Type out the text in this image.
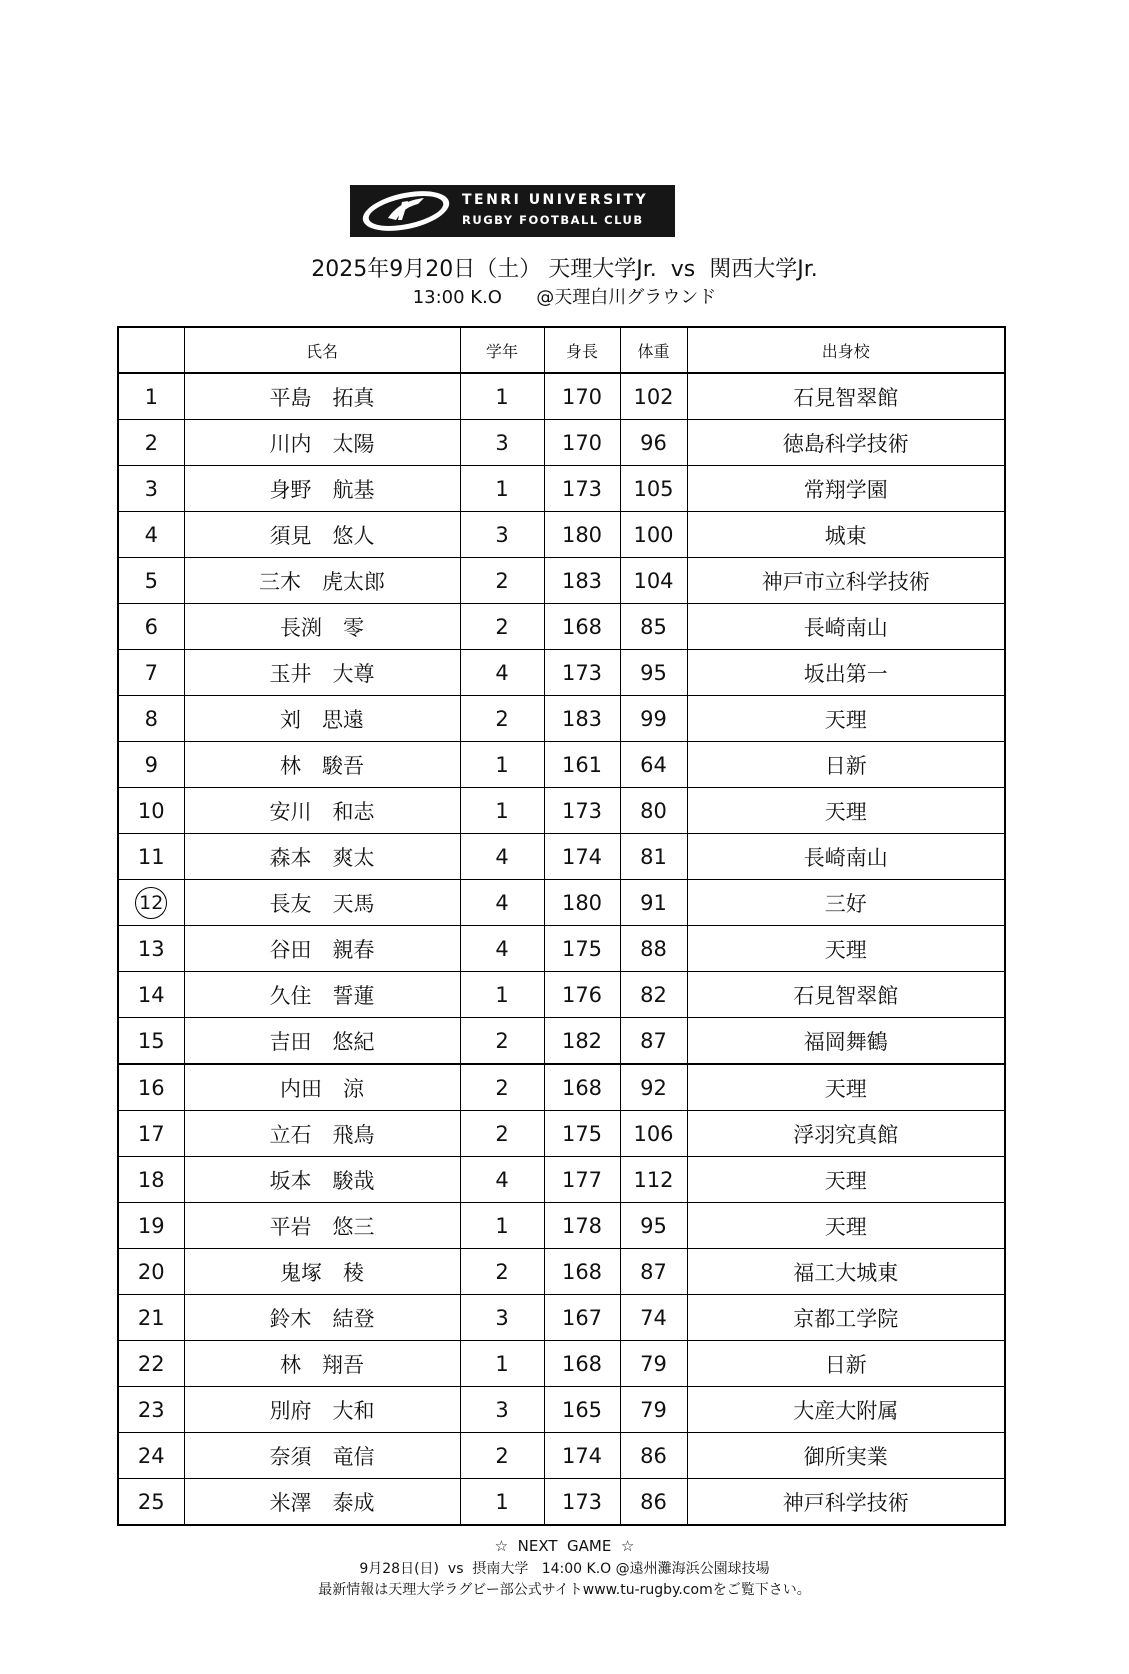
TENRI UNIVERSITY
RUGBY FOOTBALL CLUB
2025年9月20日（土） 天理大学Jr.  vs  関西大学Jr.
13:00 K.O      @天理白川グラウンド
	氏名	学年	身長	体重	出身校
1	平島　拓真	1	170	102	石見智翠館
2	川内　太陽	3	170	96	徳島科学技術
3	身野　航基	1	173	105	常翔学園
4	須見　悠人	3	180	100	城東
5	三木　虎太郎	2	183	104	神戸市立科学技術
6	長渕　零	2	168	85	長崎南山
7	玉井　大尊	4	173	95	坂出第一
8	刘　思遠	2	183	99	天理
9	林　駿吾	1	161	64	日新
10	安川　和志	1	173	80	天理
11	森本　爽太	4	174	81	長崎南山
12	長友　天馬	4	180	91	三好
13	谷田　親春	4	175	88	天理
14	久住　誓蓮	1	176	82	石見智翠館
15	吉田　悠紀	2	182	87	福岡舞鶴
16	内田　涼	2	168	92	天理
17	立石　飛鳥	2	175	106	浮羽究真館
18	坂本　駿哉	4	177	112	天理
19	平岩　悠三	1	178	95	天理
20	鬼塚　稜	2	168	87	福工大城東
21	鈴木　結登	3	167	74	京都工学院
22	林　翔吾	1	168	79	日新
23	別府　大和	3	165	79	大産大附属
24	奈須　竜信	2	174	86	御所実業
25	米澤　泰成	1	173	86	神戸科学技術
☆  NEXT  GAME  ☆
9月28日(日)  vs  摂南大学   14:00 K.O @遠州灘海浜公園球技場
最新情報は天理大学ラグビー部公式サイトwww.tu-rugby.comをご覧下さい。
